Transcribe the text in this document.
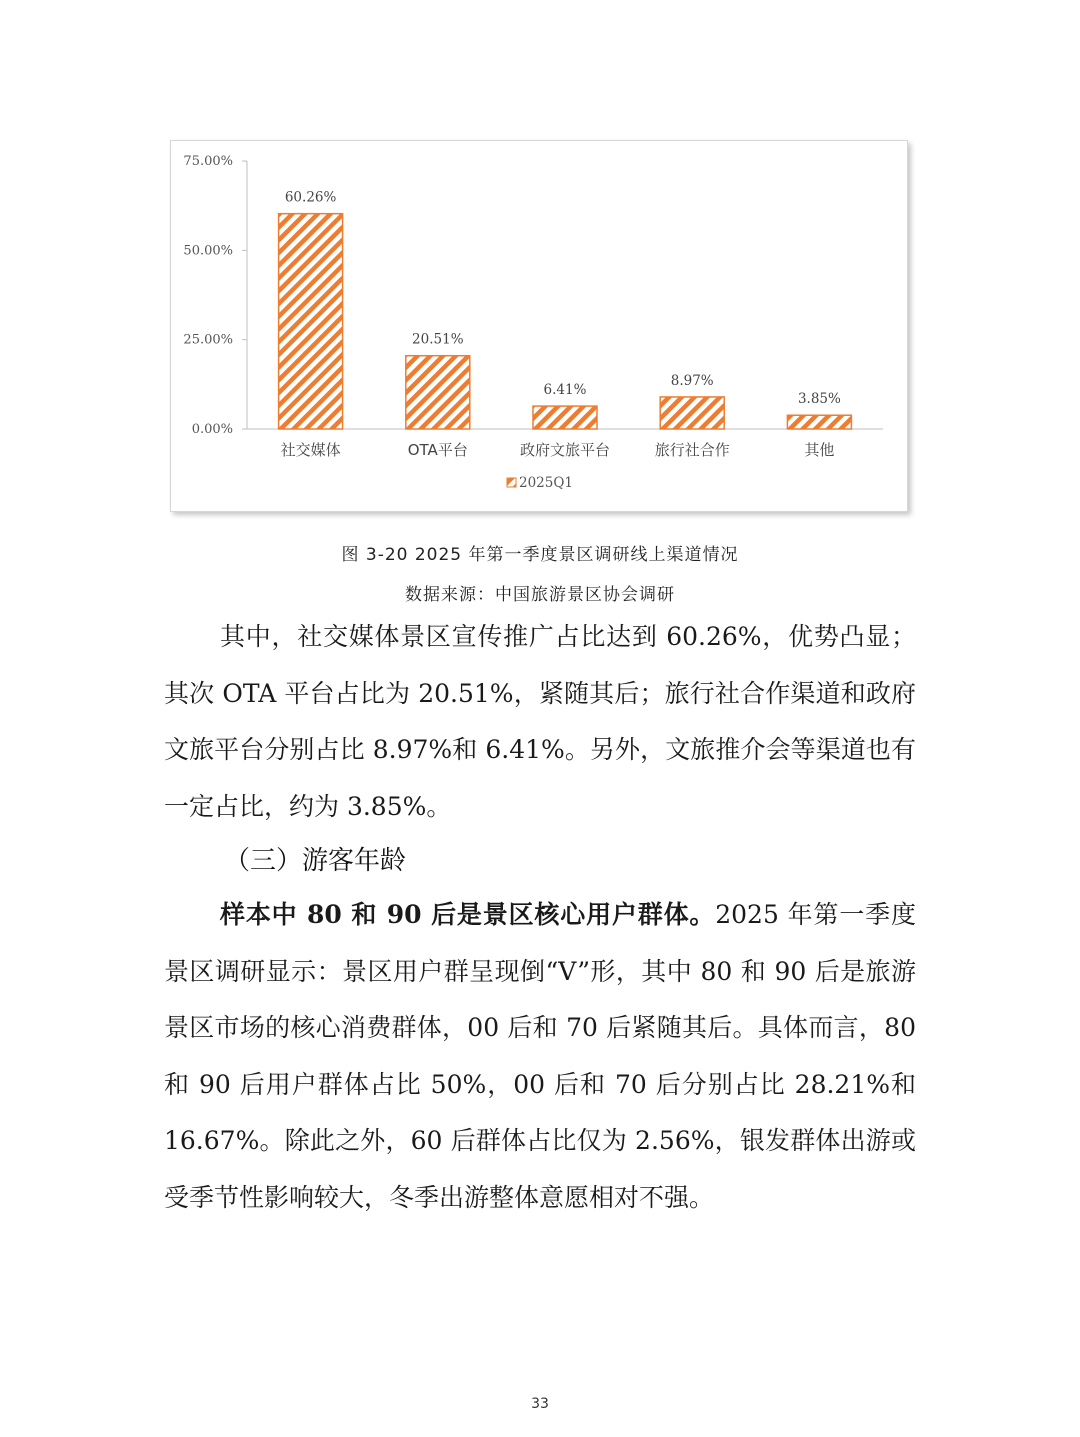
0.00%
25.00%
50.00%
75.00%
60.26%
社交媒体
20.51%
OTA平台
6.41%
政府文旅平台
8.97%
旅行社合作
3.85%
其他
2025Q1

图 3-20 2025 年第一季度景区调研线上渠道情况

数据来源：中国旅游景区协会调研

其中，社交媒体景区宣传推广占比达到 60.26%，优势凸显；其次 OTA 平台占比为 20.51%，紧随其后；旅行社合作渠道和政府文旅平台分别占比 8.97%和 6.41%。另外，文旅推介会等渠道也有一定占比，约为 3.85%。

（三）游客年龄

样本中 80 和 90 后是景区核心用户群体。2025 年第一季度景区调研显示：景区用户群呈现倒“V”形，其中 80 和 90 后是旅游景区市场的核心消费群体，00 后和 70 后紧随其后。具体而言，80 和 90 后用户群体占比 50%，00 后和 70 后分别占比 28.21%和 16.67%。除此之外，60 后群体占比仅为 2.56%，银发群体出游或受季节性影响较大，冬季出游整体意愿相对不强。

33
